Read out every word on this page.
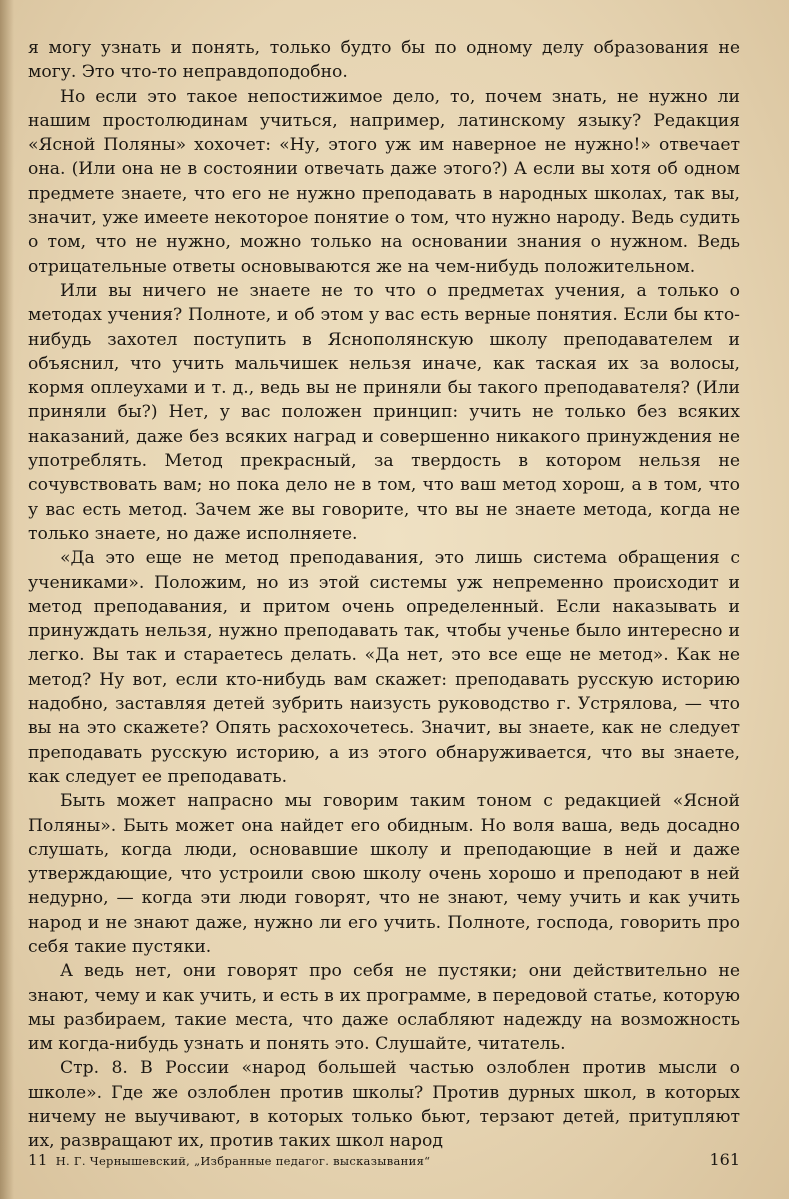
я могу узнать и понять, только будто бы по одному делу образования не могу. Это что-то неправдоподобно.

Но если это такое непостижимое дело, то, почем знать, не нужно ли нашим простолюдинам учиться, например, латинскому языку? Редакция «Ясной Поляны» хохочет: «Ну, этого уж им наверное не нужно!» отвечает она. (Или она не в состоянии отвечать даже этого?) А если вы хотя об одном предмете знаете, что его не нужно преподавать в народных школах, так вы, значит, уже имеете некоторое понятие о том, что нужно народу. Ведь судить о том, что не нужно, можно только на основании знания о нужном. Ведь отрицательные ответы основываются же на чем-нибудь положительном.

Или вы ничего не знаете не то что о предметах учения, а только о методах учения? Полноте, и об этом у вас есть верные понятия. Если бы кто-нибудь захотел поступить в Яснополянскую школу преподавателем и объяснил, что учить мальчишек нельзя иначе, как таская их за волосы, кормя оплеухами и т. д., ведь вы не приняли бы такого преподавателя? (Или приняли бы?) Нет, у вас положен принцип: учить не только без всяких наказаний, даже без всяких наград и совершенно никакого принуждения не употреблять. Метод прекрасный, за твердость в котором нельзя не сочувствовать вам; но пока дело не в том, что ваш метод хорош, а в том, что у вас есть метод. Зачем же вы говорите, что вы не знаете метода, когда не только знаете, но даже исполняете.

«Да это еще не метод преподавания, это лишь система обращения с учениками». Положим, но из этой системы уж непременно происходит и метод преподавания, и притом очень определенный. Если наказывать и принуждать нельзя, нужно преподавать так, чтобы ученье было интересно и легко. Вы так и стараетесь делать. «Да нет, это все еще не метод». Как не метод? Ну вот, если кто-нибудь вам скажет: преподавать русскую историю надобно, заставляя детей зубрить наизусть руководство г. Устрялова, — что вы на это скажете? Опять расхохочетесь. Значит, вы знаете, как не следует преподавать русскую историю, а из этого обнаруживается, что вы знаете, как следует ее преподавать.

Быть может напрасно мы говорим таким тоном с редакцией «Ясной Поляны». Быть может она найдет его обидным. Но воля ваша, ведь досадно слушать, когда люди, основавшие школу и преподающие в ней и даже утверждающие, что устроили свою школу очень хорошо и преподают в ней недурно, — когда эти люди говорят, что не знают, чему учить и как учить народ и не знают даже, нужно ли его учить. Полноте, господа, говорить про себя такие пустяки.

А ведь нет, они говорят про себя не пустяки; они действительно не знают, чему и как учить, и есть в их программе, в передовой статье, которую мы разбираем, такие места, что даже ослабляют надежду на возможность им когда-нибудь узнать и понять это. Слушайте, читатель.

Стр. 8. В России «народ большей частью озлоблен против мысли о школе». Где же озлоблен против школы? Против дурных школ, в которых ничему не выучивают, в которых только бьют, терзают детей, притупляют их, развращают их, против таких школ народ

11 Н. Г. Чернышевский, „Избранные педагог. высказывания“	161
